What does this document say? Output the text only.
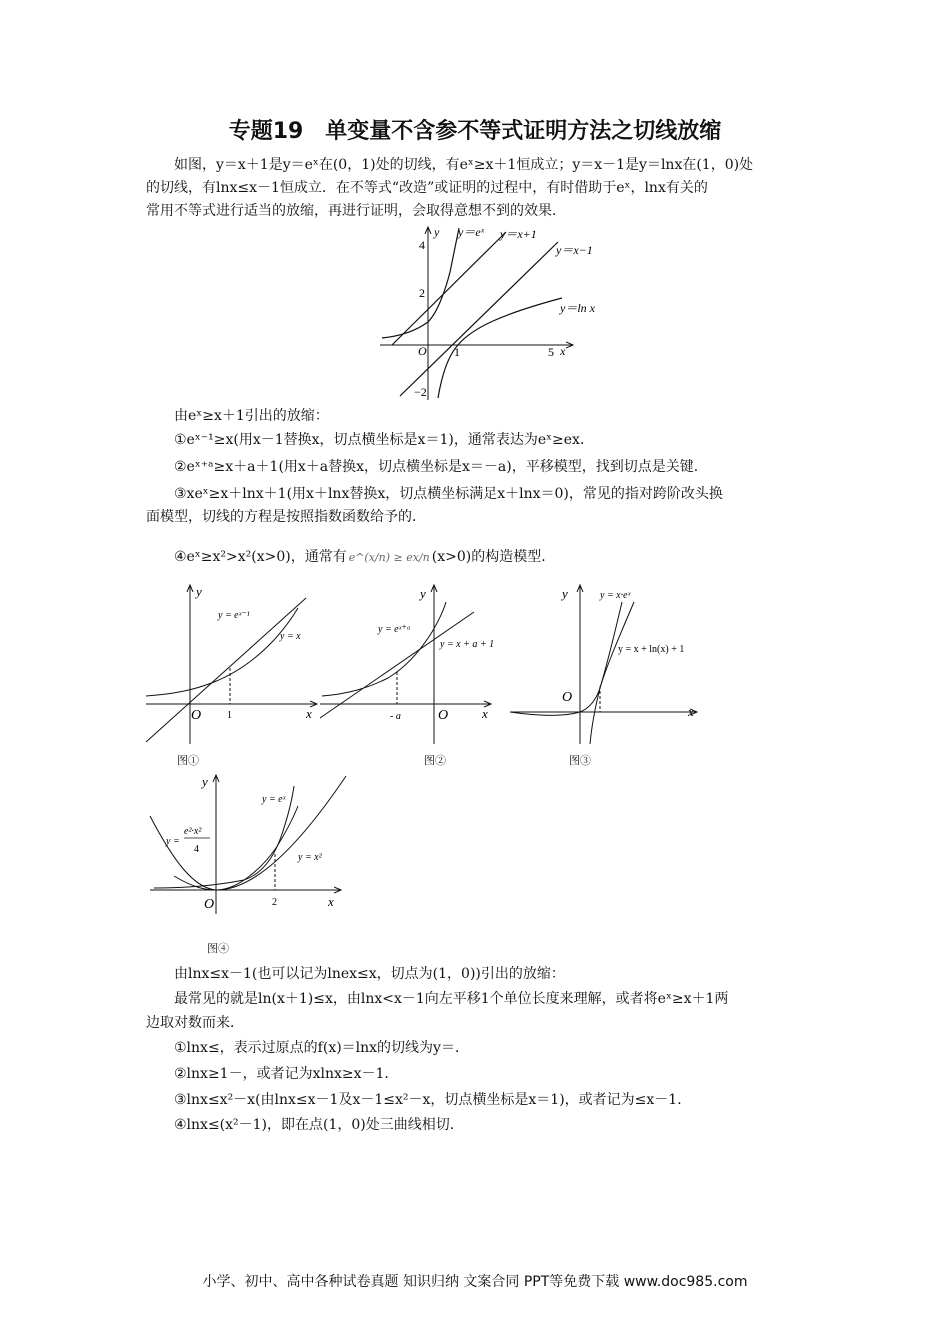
专题19　单变量不含参不等式证明方法之切线放缩

如图，y＝x＋1是y＝eˣ在(0，1)处的切线，有eˣ≥x＋1恒成立；y＝x－1是y＝lnx在(1，0)处

的切线，有lnx≤x－1恒成立．在不等式“改造”或证明的过程中，有时借助于eˣ，lnx有关的

常用不等式进行适当的放缩，再进行证明，会取得意想不到的效果．

y＝eˣ y＝x+1
y＝x−1
y＝ln x
y
x
O
4
2
1	5
−2

由eˣ≥x＋1引出的放缩：

①eˣ⁻¹≥x(用x－1替换x，切点横坐标是x＝1)，通常表达为eˣ≥ex．

②eˣ⁺ᵃ≥x＋a＋1(用x＋a替换x，切点横坐标是x＝－a)，平移模型，找到切点是关键．

③xeˣ≥x＋lnx＋1(用x＋lnx替换x，切点横坐标满足x＋lnx＝0)，常见的指对跨阶改头换

面模型，切线的方程是按照指数函数给予的．

④eˣ≥x²>x²(x>0)，通常有 e^(x/n) ≥ ex/n (x>0)的构造模型．

y = eˣ⁻¹
y = x
y
x
O	1
图①
y = eˣ⁺ᵃ
y = x + a + 1
y
x
O
- a
图②
y = x·eˣ
y = x + ln(x) + 1
y
x
O
图③
y = eˣ
y =
e²·x²
4
y = x²
y
x
O	2
图④

由lnx≤x－1(也可以记为lnex≤x，切点为(1，0))引出的放缩：

最常见的就是ln(x＋1)≤x，由lnx<x－1向左平移1个单位长度来理解，或者将eˣ≥x＋1两

边取对数而来．

①lnx≤，表示过原点的f(x)＝lnx的切线为y＝．

②lnx≥1－，或者记为xlnx≥x－1．

③lnx≤x²－x(由lnx≤x－1及x－1≤x²－x，切点横坐标是x＝1)，或者记为≤x－1．

④lnx≤(x²－1)，即在点(1，0)处三曲线相切．

小学、初中、高中各种试卷真题 知识归纳 文案合同 PPT等免费下载 www.doc985.com
